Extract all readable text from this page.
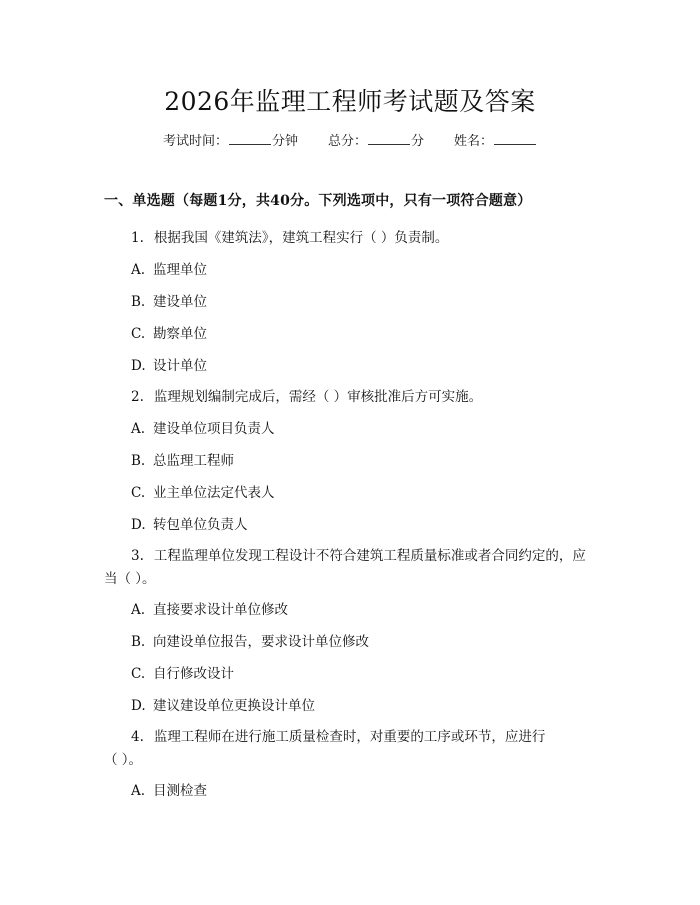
2026年监理工程师考试题及答案
考试时间：	分钟 总分：	分 姓名：
一、单选题（每题1分，共40分。下列选项中，只有一项符合题意）
1. 根据我国《建筑法》，建筑工程实行（ ）负责制。
A. 监理单位
B. 建设单位
C. 勘察单位
D. 设计单位
2. 监理规划编制完成后，需经（ ）审核批准后方可实施。
A. 建设单位项目负责人
B. 总监理工程师
C. 业主单位法定代表人
D. 转包单位负责人
3. 工程监理单位发现工程设计不符合建筑工程质量标准或者合同约定的，应
当（ ）。
A. 直接要求设计单位修改
B. 向建设单位报告，要求设计单位修改
C. 自行修改设计
D. 建议建设单位更换设计单位
4. 监理工程师在进行施工质量检查时，对重要的工序或环节，应进行
（ ）。
A. 目测检查
